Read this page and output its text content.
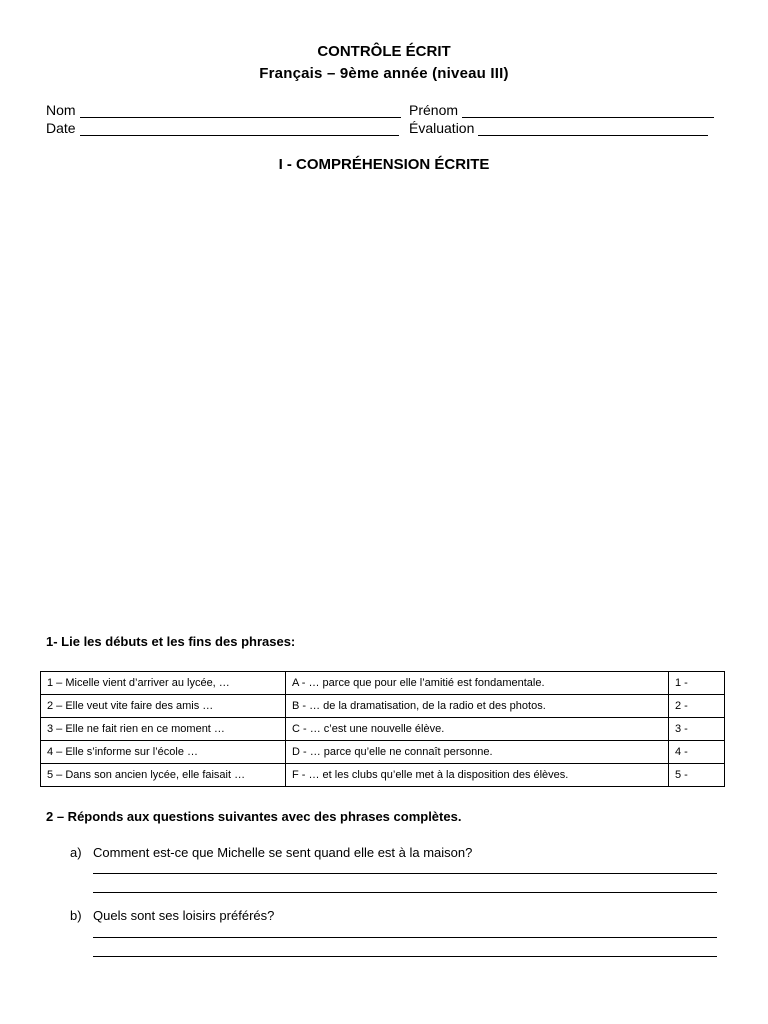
CONTRÔLE ÉCRIT
Français – 9ème année (niveau III)
Nom	Prénom
Date	Évaluation
I - COMPRÉHENSION ÉCRITE
1- Lie les débuts et les fins des phrases:
1 – Micelle vient d’arriver au lycée, …	A - … parce que pour elle l’amitié est fondamentale.	1 -
2 – Elle veut vite faire des amis …	B - … de la dramatisation, de la radio et des photos.	2 -
3 – Elle ne fait rien en ce moment …	C - … c’est une nouvelle élève.	3 -
4 – Elle s’informe sur l’école …	D - … parce qu’elle ne connaît personne.	4 -
5 – Dans son ancien lycée, elle faisait …	F - … et les clubs qu’elle met à la disposition des élèves.	5 -
2 – Réponds aux questions suivantes avec des phrases complètes.
a) Comment est-ce que Michelle se sent quand elle est à la maison?
b) Quels sont ses loisirs préférés?
